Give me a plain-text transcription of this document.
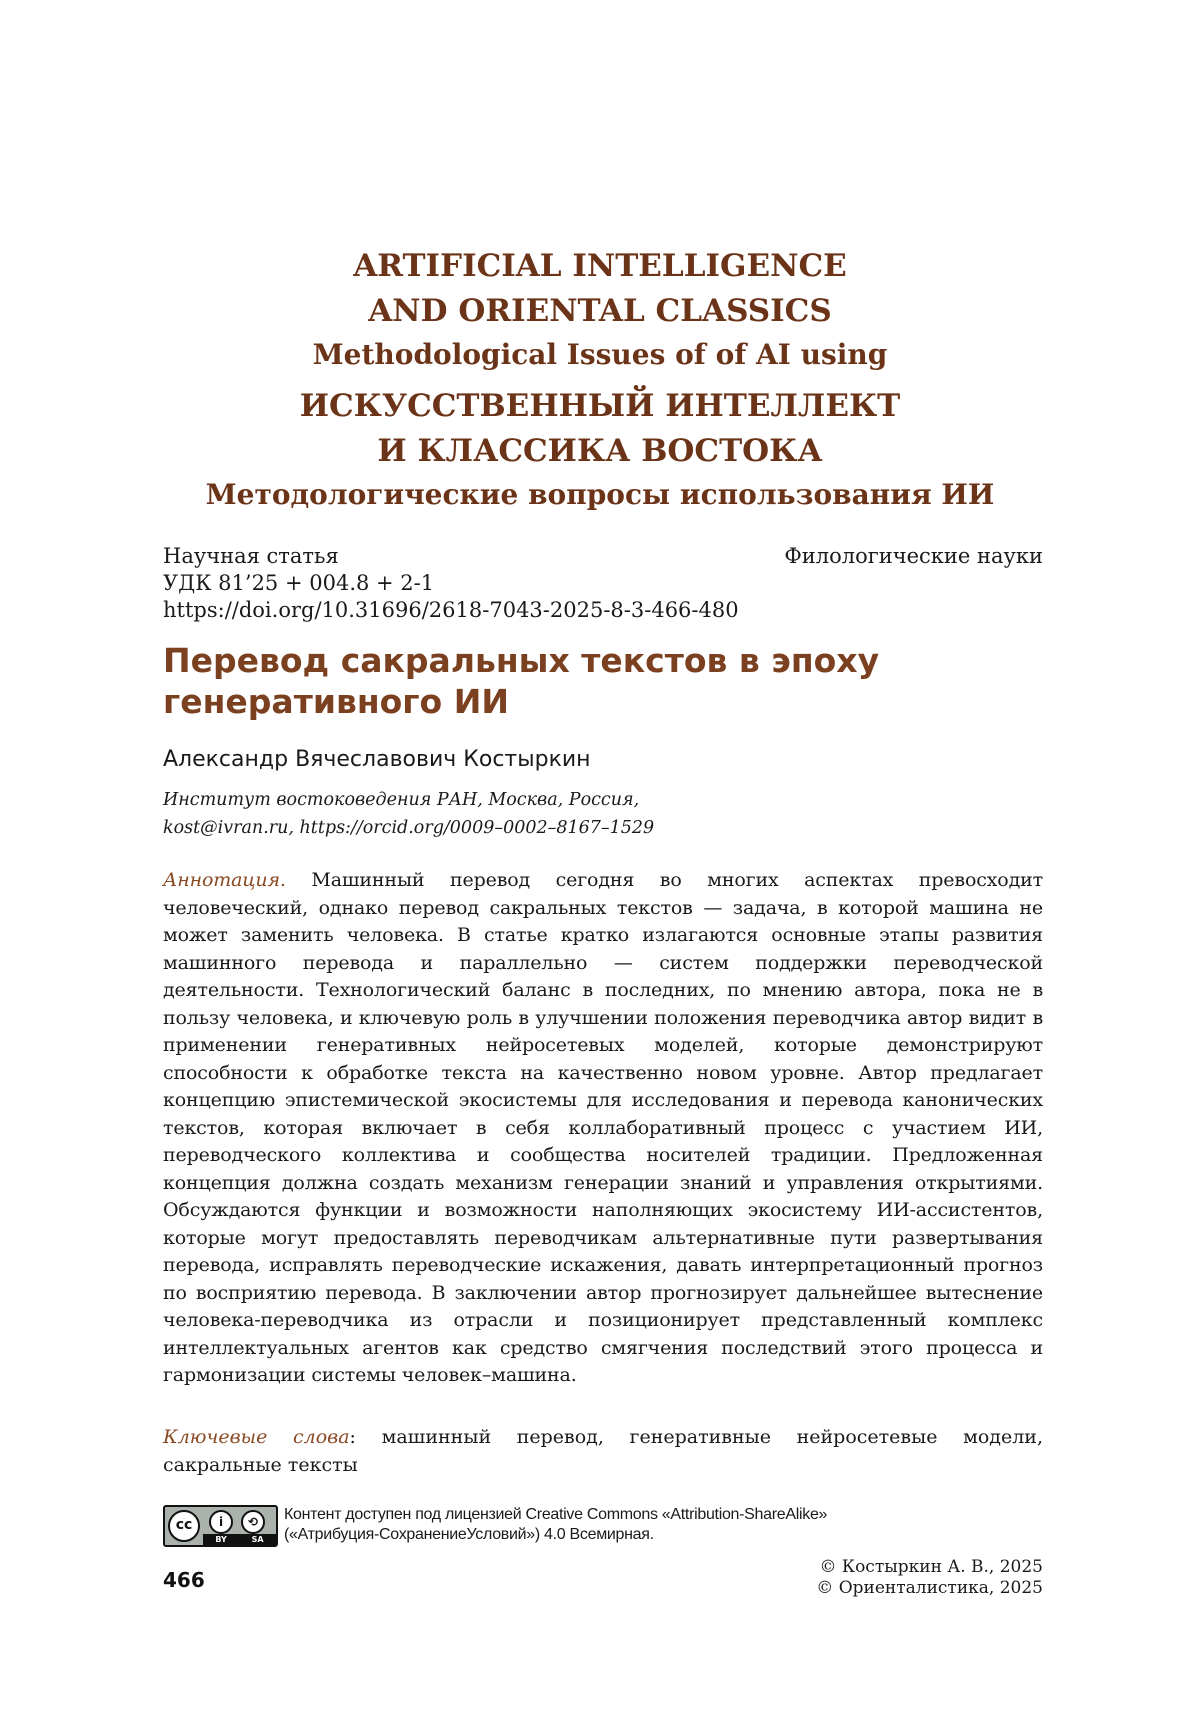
ARTIFICIAL INTELLIGENCE
AND ORIENTAL CLASSICS
Methodological Issues of of AI using
ИСКУССТВЕННЫЙ ИНТЕЛЛЕКТ
И КЛАССИКА ВОСТОКА
Методологические вопросы использования ИИ
Научная статья	Филологические науки
УДК 81’25 + 004.8 + 2-1
https://doi.org/10.31696/2618-7043-2025-8-3-466-480
Перевод сакральных текстов в эпоху
генеративного ИИ
Александр Вячеславович Костыркин
Институт востоковедения РАН, Москва, Россия,
kost@ivran.ru, https://orcid.org/0009–0002–8167–1529

Аннотация. Машинный перевод сегодня во многих аспектах превосходит человеческий, однако перевод сакральных текстов — задача, в которой машина не может заменить человека. В статье кратко излагаются основные этапы развития машинного перевода и параллельно — систем поддержки переводческой деятельности. Технологический баланс в последних, по мнению автора, пока не в пользу человека, и ключевую роль в улучшении положения переводчика автор видит в применении генеративных нейросетевых моделей, которые демонстрируют способности к обработке текста на качественно новом уровне. Автор предлагает концепцию эпистемической экосистемы для исследования и перевода канонических текстов, которая включает в себя коллаборативный процесс с участием ИИ, переводческого коллектива и сообщества носителей традиции. Предложенная концепция должна создать механизм генерации знаний и управления открытиями. Обсуждаются функции и возможности наполняющих экосистему ИИ-ассистентов, которые могут предоставлять переводчикам альтернативные пути развертывания перевода, исправлять переводческие искажения, давать интерпретационный прогноз по восприятию перевода. В заключении автор прогнозирует дальнейшее вытеснение человека-переводчика из отрасли и позиционирует представленный комплекс интеллектуальных агентов как средство смягчения последствий этого процесса и гармонизации системы человек–машина.

Ключевые слова: машинный перевод, генеративные нейросетевые модели, сакральные тексты

cc	i	⟲
BY	SA
Контент доступен под лицензией Creative Commons «Attribution-ShareAlike»
(«Атрибуция-СохранениеУсловий») 4.0 Всемирная.
466
© Костыркин А. В., 2025
© Ориенталистика, 2025
